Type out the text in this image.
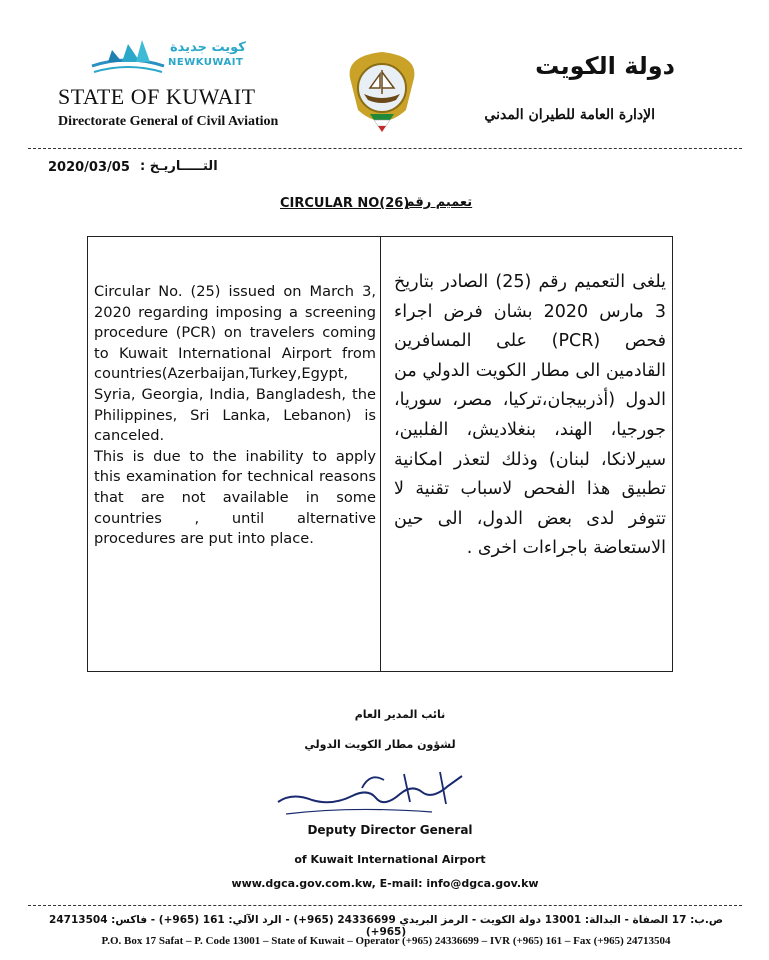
كويت جديدة
NEWKUWAIT
STATE OF KUWAIT
Directorate General of Civil Aviation
دولة الكويت
الإدارة العامة للطيران المدني
2020/03/05 التـــــاريـخ :
CIRCULAR NO(26)
تعميم رقم
Circular No. (25) issued on March 3, 2020 regarding imposing a screening procedure (PCR) on travelers coming to Kuwait International Airport from countries(Azerbaijan,Turkey,Egypt, Syria, Georgia, India, Bangladesh, the Philippines, Sri Lanka, Lebanon) is canceled.
This is due to the inability to apply this examination for technical reasons that are not available in some countries , until alternative procedures are put into place.
يلغى التعميم رقم (25) الصادر بتاريخ 3 مارس 2020 بشان فرض اجراء فحص (PCR) على المسافرين القادمين الى مطار الكويت الدولي من الدول (أذربيجان،تركيا، مصر، سوريا، جورجيا، الهند، بنغلاديش، الفلبين، سيرلانكا، لبنان) وذلك لتعذر امكانية تطبيق هذا الفحص لاسباب تقنية لا تتوفر لدى بعض الدول، الى حين الاستعاضة باجراءات اخرى .
نائب المدير العام
لشؤون مطار الكويت الدولي
Deputy Director General
of Kuwait International Airport
www.dgca.gov.com.kw, E-mail: info@dgca.gov.kw
ص.ب: 17 الصفاة - البدالة: 13001 دولة الكويت - الرمز البريدي 24336699 (965+) - الرد الآلي: 161 (965+) - فاكس: 24713504 (965+)
P.O. Box 17 Safat – P. Code 13001 – State of Kuwait – Operator (+965) 24336699 – IVR (+965) 161 – Fax (+965) 24713504
